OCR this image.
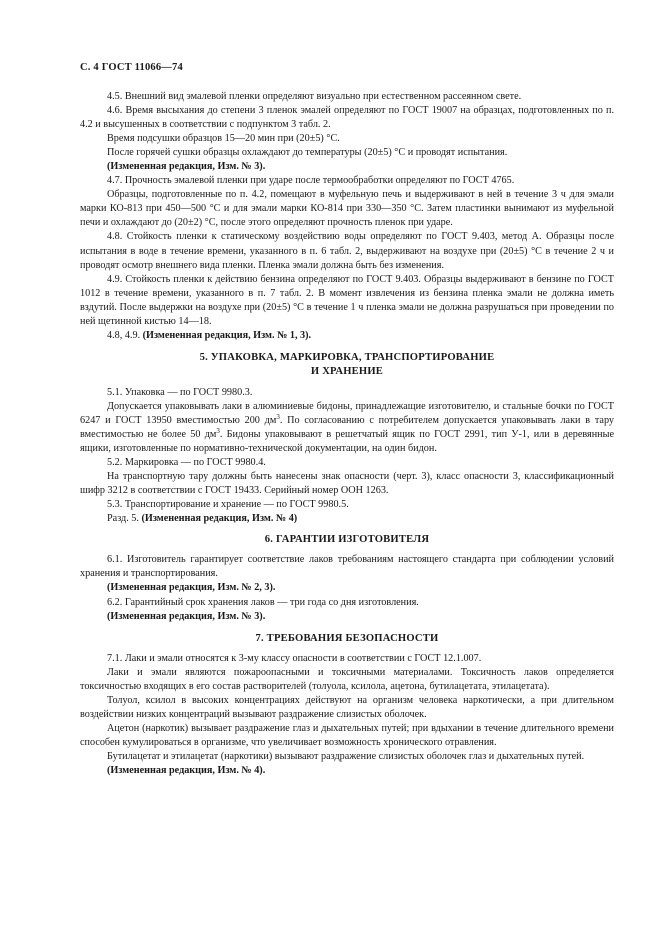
С. 4 ГОСТ 11066—74

4.5. Внешний вид эмалевой пленки определяют визуально при естественном рассеянном свете.

4.6. Время высыхания до степени 3 пленок эмалей определяют по ГОСТ 19007 на образцах, подготовленных по п. 4.2 и высушенных в соответствии с подпунктом 3 табл. 2.

Время подсушки образцов 15—20 мин при (20±5) °С.

После горячей сушки образцы охлаждают до температуры (20±5) °С и проводят испытания.

(Измененная редакция, Изм. № 3).

4.7. Прочность эмалевой пленки при ударе после термообработки определяют по ГОСТ 4765.

Образцы, подготовленные по п. 4.2, помещают в муфельную печь и выдерживают в ней в течение 3 ч для эмали марки КО-813 при 450—500 °С и для эмали марки КО-814 при 330—350 °С. Затем пластинки вынимают из муфельной печи и охлаждают до (20±2) °С, после этого определяют прочность пленок при ударе.

4.8. Стойкость пленки к статическому воздействию воды определяют по ГОСТ 9.403, метод А. Образцы после испытания в воде в течение времени, указанного в п. 6 табл. 2, выдерживают на воздухе при (20±5) °С в течение 2 ч и проводят осмотр внешнего вида пленки. Пленка эмали должна быть без изменения.

4.9. Стойкость пленки к действию бензина определяют по ГОСТ 9.403. Образцы выдерживают в бензине по ГОСТ 1012 в течение времени, указанного в п. 7 табл. 2. В момент извлечения из бензина пленка эмали не должна иметь вздутий. После выдержки на воздухе при (20±5) °С в течение 1 ч пленка эмали не должна разрушаться при проведении по ней щетинной кистью 14—18.

4.8, 4.9. (Измененная редакция, Изм. № 1, 3).

5. УПАКОВКА, МАРКИРОВКА, ТРАНСПОРТИРОВАНИЕ
И ХРАНЕНИЕ

5.1. Упаковка — по ГОСТ 9980.3.

Допускается упаковывать лаки в алюминиевые бидоны, принадлежащие изготовителю, и стальные бочки по ГОСТ 6247 и ГОСТ 13950 вместимостью 200 $дм^3$. По согласованию с потребителем допускается упаковывать лаки в тару вместимостью не более 50 $дм^3$. Бидоны упаковывают в решетчатый ящик по ГОСТ 2991, тип У-1, или в деревянные ящики, изготовленные по нормативно-технической документации, на один бидон.

5.2. Маркировка — по ГОСТ 9980.4.

На транспортную тару должны быть нанесены знак опасности (черт. 3), класс опасности 3, классификационный шифр 3212 в соответствии с ГОСТ 19433. Серийный номер ООН 1263.

5.3. Транспортирование и хранение — по ГОСТ 9980.5.

Разд. 5. (Измененная редакция, Изм. № 4)

6. ГАРАНТИИ ИЗГОТОВИТЕЛЯ

6.1. Изготовитель гарантирует соответствие лаков требованиям настоящего стандарта при соблюдении условий хранения и транспортирования.

(Измененная редакция, Изм. № 2, 3).

6.2. Гарантийный срок хранения лаков — три года со дня изготовления.

(Измененная редакция, Изм. № 3).

7. ТРЕБОВАНИЯ БЕЗОПАСНОСТИ

7.1. Лаки и эмали относятся к 3-му классу опасности в соответствии с ГОСТ 12.1.007.

Лаки и эмали являются пожароопасными и токсичными материалами. Токсичность лаков определяется токсичностью входящих в его состав растворителей (толуола, ксилола, ацетона, бутилацетата, этилацетата).

Толуол, ксилол в высоких концентрациях действуют на организм человека наркотически, а при длительном воздействии низких концентраций вызывают раздражение слизистых оболочек.

Ацетон (наркотик) вызывает раздражение глаз и дыхательных путей; при вдыхании в течение длительного времени способен кумулироваться в организме, что увеличивает возможность хронического отравления.

Бутилацетат и этилацетат (наркотики) вызывают раздражение слизистых оболочек глаз и дыхательных путей.

(Измененная редакция, Изм. № 4).
